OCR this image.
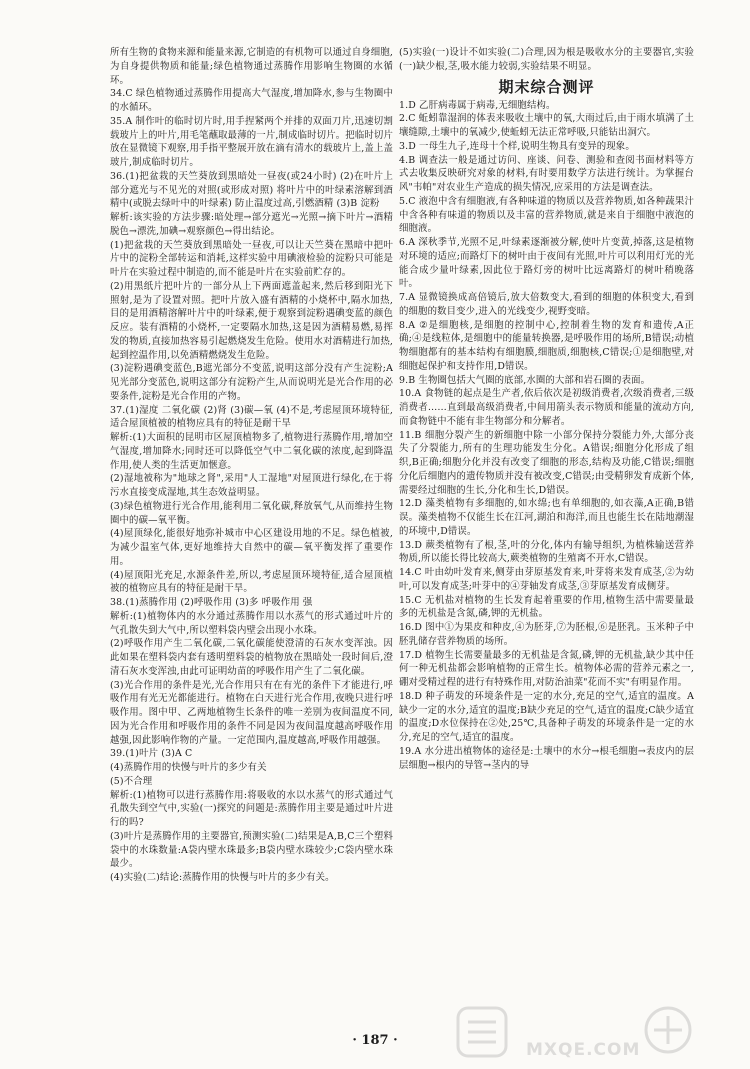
所有生物的食物来源和能量来源,它制造的有机物可以通过自身细胞,为自身提供物质和能量;绿色植物通过蒸腾作用影响生物圈的水循环。

34.C 绿色植物通过蒸腾作用提高大气湿度,增加降水,参与生物圈中的水循环。

35.A 制作叶的临时切片时,用手捏紧两个并排的双面刀片,迅速切割载玻片上的叶片,用毛笔蘸取最薄的一片,制成临时切片。把临时切片放在显微镜下观察,用手指平整展开放在滴有清水的载玻片上,盖上盖玻片,制成临时切片。

36.(1)把盆栽的天竺葵放到黑暗处一昼夜(或24小时) (2)在叶片上部分遮光与不见光的对照(或形成对照) 将叶片中的叶绿素溶解到酒精中(或脱去绿叶中的叶绿素) 防止温度过高,引燃酒精 (3)B 淀粉

解析:该实验的方法步骤:暗处理→部分遮光→光照→摘下叶片→酒精脱色→漂洗,加碘→观察颜色→得出结论。

(1)把盆栽的天竺葵放到黑暗处一昼夜,可以让天竺葵在黑暗中把叶片中的淀粉全部转运和消耗,这样实验中用碘液检验的淀粉只可能是叶片在实验过程中制造的,而不能是叶片在实验前贮存的。

(2)用黑纸片把叶片的一部分从上下两面遮盖起来,然后移到阳光下照射,是为了设置对照。把叶片放入盛有酒精的小烧杯中,隔水加热,目的是用酒精溶解叶片中的叶绿素,便于观察到淀粉遇碘变蓝的颜色反应。装有酒精的小烧杯,一定要隔水加热,这是因为酒精易燃,易挥发的物质,直接加热容易引起燃烧发生危险。使用水对酒精进行加热,起到控温作用,以免酒精燃烧发生危险。

(3)淀粉遇碘变蓝色,B遮光部分不变蓝,说明这部分没有产生淀粉;A见光部分变蓝色,说明这部分有淀粉产生,从而说明光是光合作用的必要条件,淀粉是光合作用的产物。

37.(1)湿度 二氧化碳 (2)肾 (3)碳—氧 (4)不是,考虑屋顶环境特征,适合屋顶植被的植物应具有的特征是耐干旱

解析:(1)大面积的昆明市区屋顶植物多了,植物进行蒸腾作用,增加空气湿度,增加降水;同时还可以降低空气中二氧化碳的浓度,起到降温作用,使人类的生活更加惬意。

(2)湿地被称为"地球之肾",采用"人工湿地"对屋顶进行绿化,在于将污水直接变成湿地,其生态效益明显。

(3)绿色植物进行光合作用,能利用二氧化碳,释放氧气,从而维持生物圈中的碳—氧平衡。

(4)屋顶绿化,能很好地弥补城市中心区建设用地的不足。绿色植被,为减少温室气体,更好地维持大自然中的碳—氧平衡发挥了重要作用。

(4)屋顶阳光充足,水源条件差,所以,考虑屋顶环境特征,适合屋顶植被的植物应具有的特征是耐干旱。

38.(1)蒸腾作用 (2)呼吸作用 (3)多 呼吸作用 强

解析:(1)植物体内的水分通过蒸腾作用以水蒸气的形式通过叶片的气孔散失到大气中,所以塑料袋内壁会出现小水珠。

(2)呼吸作用产生二氧化碳,二氧化碳能使澄清的石灰水变浑浊。因此如果在塑料袋内套有透明塑料袋的植物放在黑暗处一段时间后,澄清石灰水变浑浊,由此可证明幼苗的呼吸作用产生了二氧化碳。

(3)光合作用的条件是光,光合作用只有在有光的条件下才能进行,呼吸作用有光无光都能进行。植物在白天进行光合作用,夜晚只进行呼吸作用。图中甲、乙两地植物生长条件的唯一差别为夜间温度不同,因为光合作用和呼吸作用的条件不同是因为夜间温度越高呼吸作用越强,因此影响作物的产量。一定范围内,温度越高,呼吸作用越强。

39.(1)叶片 (3)A C

(4)蒸腾作用的快慢与叶片的多少有关

(5)不合理

解析:(1)植物可以进行蒸腾作用:将吸收的水以水蒸气的形式通过气孔散失到空气中,实验(一)探究的问题是:蒸腾作用主要是通过叶片进行的吗?

(3)叶片是蒸腾作用的主要器官,预测实验(二)结果是A,B,C三个塑料袋中的水珠数量:A袋内壁水珠最多;B袋内壁水珠较少;C袋内壁水珠最少。

(4)实验(二)结论:蒸腾作用的快慢与叶片的多少有关。

(5)实验(一)设计不如实验(二)合理,因为根是吸收水分的主要器官,实验(一)缺少根,茎,吸水能力较弱,实验结果不明显。

期末综合测评

1.D 乙肝病毒属于病毒,无细胞结构。

2.C 蚯蚓靠湿润的体表来吸收土壤中的氧,大雨过后,由于雨水填满了土壤缝隙,土壤中的氧减少,使蚯蚓无法正常呼吸,只能钻出洞穴。

3.D 一母生九子,连母十个样,说明生物具有变异的现象。

4.B 调查法一般是通过访问、座谈、问卷、测验和查阅书面材料等方式去收集反映研究对象的材料,有时要用数学方法进行统计。为掌握台风"韦帕"对农业生产造成的损失情况,应采用的方法是调查法。

5.C 液泡中含有细胞液,有各种味道的物质以及营养物质,如各种蔬果汁中含各种有味道的物质以及丰富的营养物质,就是来自于细胞中液泡的细胞液。

6.A 深秋季节,光照不足,叶绿素逐渐被分解,使叶片变黄,掉落,这是植物对环境的适应;而路灯下的树叶由于夜间有光照,叶片可以利用灯光的光能合成少量叶绿素,因此位于路灯旁的树叶比远离路灯的树叶稍晚落叶。

7.A 显微镜换成高倍镜后,放大倍数变大,看到的细胞的体积变大,看到的细胞的数目变少,进入的光线变少,视野变暗。

8.A ②是细胞核,是细胞的控制中心,控制着生物的发育和遗传,A正确;④是线粒体,是细胞中的能量转换器,是呼吸作用的场所,B错误;动植物细胞都有的基本结构有细胞膜,细胞质,细胞核,C错误;①是细胞壁,对细胞起保护和支持作用,D错误。

9.B 生物圈包括大气圈的底部,水圈的大部和岩石圈的表面。

10.A 食物链的起点是生产者,依后依次是初级消费者,次级消费者,三级消费者……直到最高级消费者,中间用箭头表示物质和能量的流动方向,而食物链中不能有非生物部分和分解者。

11.B 细胞分裂产生的新细胞中除一小部分保持分裂能力外,大部分丧失了分裂能力,所有的生理功能发生分化。A错误;细胞分化形成了组织,B正确;细胞分化并没有改变了细胞的形态,结构及功能,C错误;细胞分化后细胞内的遗传物质并没有被改变,C错误;由受精卵发育成新个体,需要经过细胞的生长,分化和生长,D错误。

12.D 藻类植物有多细胞的,如水绵;也有单细胞的,如衣藻,A正确,B错误。藻类植物不仅能生长在江河,湖泊和海洋,而且也能生长在陆地潮湿的环境中,D错误。

13.D 蕨类植物有了根,茎,叶的分化,体内有输导组织,为植株输送营养物质,所以能长得比较高大,蕨类植物的生殖离不开水,C错误。

14.C 叶由幼叶发育来,侧芽由芽原基发育来,叶芽将来发育成茎,②为幼叶,可以发育成茎;叶芽中的④芽轴发育成茎,③芽原基发育成侧芽。

15.C 无机盐对植物的生长发育起着重要的作用,植物生活中需要量最多的无机盐是含氮,磷,钾的无机盐。

16.D 图中①为果皮和种皮,④为胚芽,⑦为胚根,⑥是胚乳。玉米种子中胚乳储存营养物质的场所。

17.D 植物生长需要量最多的无机盐是含氮,磷,钾的无机盐,缺少其中任何一种无机盐都会影响植物的正常生长。植物体必需的营养元素之一,硼对受精过程的进行有特殊作用,对防治油菜"花而不实"有明显作用。

18.D 种子萌发的环境条件是一定的水分,充足的空气,适宜的温度。A缺少一定的水分,适宜的温度;B缺少充足的空气,适宜的温度;C缺少适宜的温度;D水位保持在②处,25℃,具备种子萌发的环境条件是一定的水分,充足的空气,适宜的温度。

19.A 水分进出植物体的途径是:土壤中的水分→根毛细胞→表皮内的层层细胞→根内的导管→茎内的导

MXQE.COM
· 187 ·
